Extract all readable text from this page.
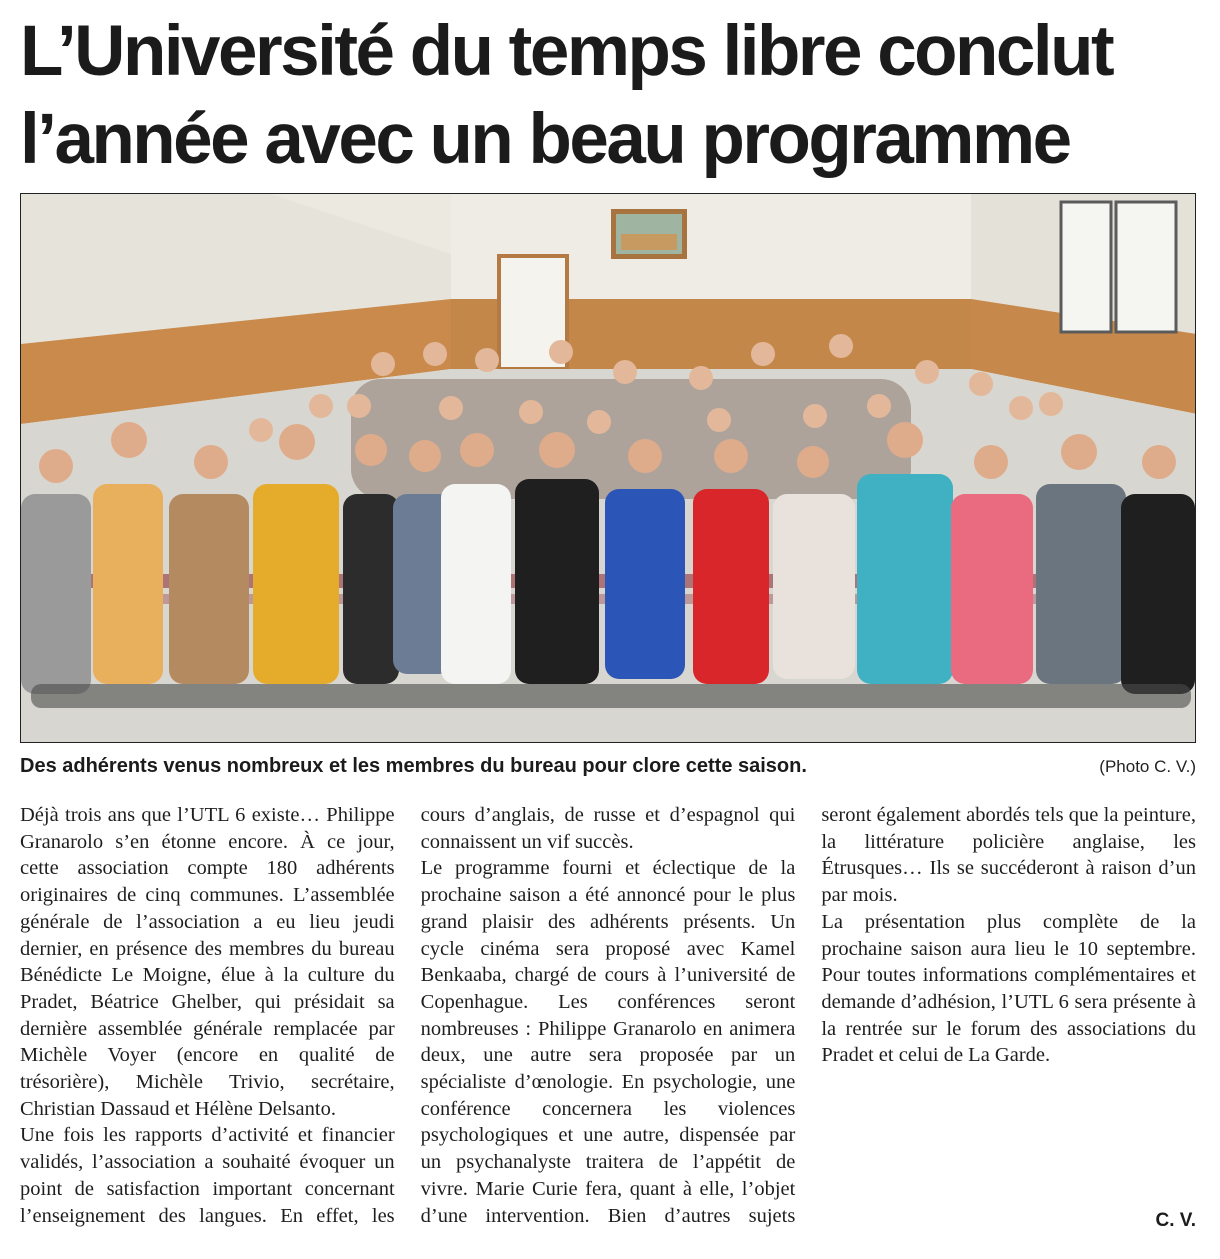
L’Université du temps libre conclut
l’année avec un beau programme
Des adhérents venus nombreux et les membres du bureau pour clore cette saison.	(Photo C. V.)

Déjà trois ans que l’UTL 6 existe… Philippe Granarolo s’en étonne encore. À ce jour, cette association compte 180 adhérents originaires de cinq communes. L’assemblée générale de l’association a eu lieu jeudi dernier, en présence des membres du bureau Bénédicte Le Moigne, élue à la culture du Pradet, Béatrice Ghelber, qui présidait sa dernière assemblée générale remplacée par Michèle Voyer (encore en qualité de trésorière), Michèle Trivio, secrétaire, Christian Dassaud et Hélène Delsanto.

Une fois les rapports d’activité et financier validés, l’association a souhaité évoquer un point de satisfaction important concernant l’enseignement des langues. En effet, les cours d’anglais, de russe et d’espagnol qui connaissent un vif succès.

Le programme fourni et éclectique de la prochaine saison a été annoncé pour le plus grand plaisir des adhérents présents. Un cycle cinéma sera proposé avec Kamel Benkaaba, chargé de cours à l’université de Copenhague. Les conférences seront nombreuses : Philippe Granarolo en animera deux, une autre sera proposée par un spécialiste d’œnologie. En psychologie, une conférence concernera les violences psychologiques et une autre, dispensée par un psychanalyste traitera de l’appétit de vivre. Marie Curie fera, quant à elle, l’objet d’une intervention. Bien d’autres sujets seront également abordés tels que la peinture, la littérature policière anglaise, les Étrusques… Ils se succéderont à raison d’un par mois.

La présentation plus complète de la prochaine saison aura lieu le 10 septembre. Pour toutes informations complémentaires et demande d’adhésion, l’UTL 6 sera présente à la rentrée sur le forum des associations du Pradet et celui de La Garde.

C. V.
